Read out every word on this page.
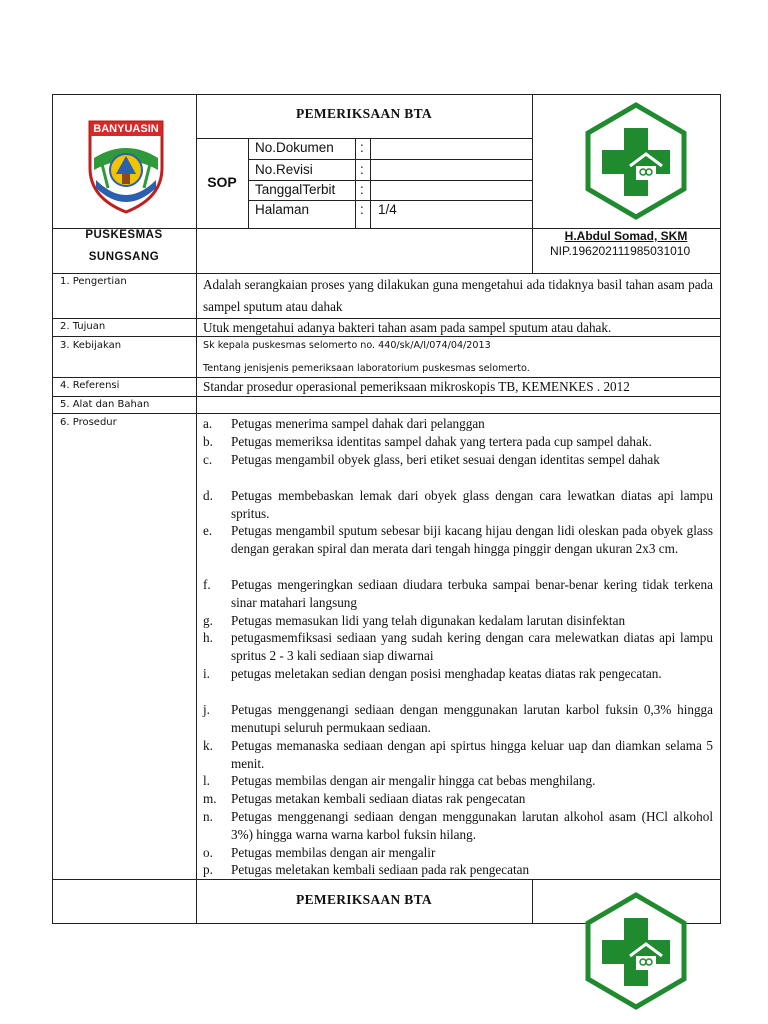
BANYUASIN
PEMERIKSAAN BTA
SOP
No.Dokumen :
No.Revisi	:
TanggalTerbit :
Halaman	: 1/4
PUSKESMAS
SUNGSANG
H.Abdul Somad, SKM
NIP.196202111985031010
1. Pengertian	Adalah serangkaian proses yang dilakukan guna mengetahui ada tidaknya basil tahan asam pada sampel sputum atau dahak
2. Tujuan	Utuk mengetahui adanya bakteri tahan asam pada sampel sputum atau dahak.
3. Kebijakan	Sk kepala puskesmas selomerto no. 440/sk/A/I/074/04/2013
Tentang jenisjenis pemeriksaan laboratorium puskesmas selomerto.
4. Referensi	Standar prosedur operasional pemeriksaan mikroskopis TB, KEMENKES . 2012
5. Alat dan Bahan
6. Prosedur	a.	Petugas menerima sampel dahak dari pelanggan
b.	Petugas memeriksa identitas sampel dahak yang tertera pada cup sampel dahak.
c.	Petugas mengambil obyek glass, beri etiket sesuai dengan identitas sempel dahak
d.	Petugas membebaskan lemak dari obyek glass dengan cara lewatkan diatas api lampu spritus.
e.	Petugas mengambil sputum sebesar biji kacang hijau dengan lidi oleskan pada obyek glass dengan gerakan spiral dan merata dari tengah hingga pinggir dengan ukuran 2x3 cm.
f.	Petugas mengeringkan sediaan diudara terbuka sampai benar-benar kering tidak terkena sinar matahari langsung
g.	Petugas memasukan lidi yang telah digunakan kedalam larutan disinfektan
h.	petugasmemfiksasi sediaan yang sudah kering dengan cara melewatkan diatas api lampu spritus 2 - 3 kali sediaan siap diwarnai
i.	petugas meletakan sedian dengan posisi menghadap keatas diatas rak pengecatan.
j.	Petugas menggenangi sediaan dengan menggunakan larutan karbol fuksin 0,3% hingga menutupi seluruh permukaan sediaan.
k.	Petugas memanaska sediaan dengan api spirtus hingga keluar uap dan diamkan selama 5 menit.
l.	Petugas membilas dengan air mengalir hingga cat bebas menghilang.
m.	Petugas metakan kembali sediaan diatas rak pengecatan
n.	Petugas menggenangi sediaan dengan menggunakan larutan alkohol asam (HCl alkohol 3%) hingga warna warna karbol fuksin hilang.
o.	Petugas membilas dengan air mengalir
p.	Petugas meletakan kembali sediaan pada rak pengecatan
PEMERIKSAAN BTA
